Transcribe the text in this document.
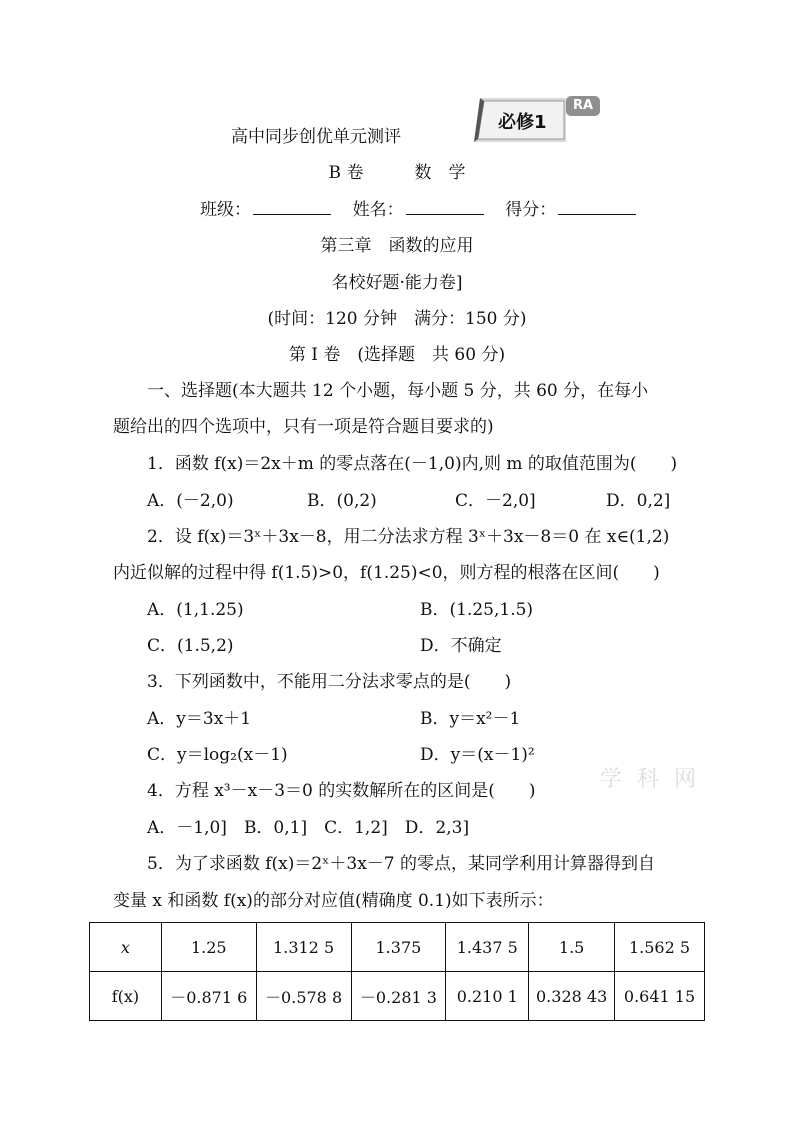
高中同步创优单元测评
必修1
RA
B 卷　　　数　学
班级：	姓名：	得分：
第三章　函数的应用
名校好题·能力卷]
(时间：120 分钟　满分：150 分)
第 Ⅰ 卷　(选择题　共 60 分)
一、选择题(本大题共 12 个小题，每小题 5 分，共 60 分，在每小
题给出的四个选项中，只有一项是符合题目要求的)
1．函数 f(x)＝2x＋m 的零点落在(－1,0)内,则 m 的取值范围为(　　)
A．(－2,0)	B．(0,2)	C．－2,0]	D．0,2]
2．设 f(x)＝3ˣ＋3x－8，用二分法求方程 3ˣ＋3x－8＝0 在 x∈(1,2)
内近似解的过程中得 f(1.5)>0，f(1.25)<0，则方程的根落在区间(　　)
A．(1,1.25)	B．(1.25,1.5)
C．(1.5,2)	D．不确定
3．下列函数中，不能用二分法求零点的是(　　)
A．y＝3x＋1	B．y＝x²－1
C．y＝log₂(x－1)	D．y＝(x－1)²
4．方程 x³－x－3＝0 的实数解所在的区间是(　　)
A．－1,0]　B．0,1]　C．1,2]　D．2,3]
学 科 网
5．为了求函数 f(x)＝2ˣ＋3x－7 的零点，某同学利用计算器得到自
变量 x 和函数 f(x)的部分对应值(精确度 0.1)如下表所示：
x	1.25	1.312 5	1.375	1.437 5	1.5	1.562 5
f(x)	－0.871 6	－0.578 8	－0.281 3	0.210 1	0.328 43	0.641 15
